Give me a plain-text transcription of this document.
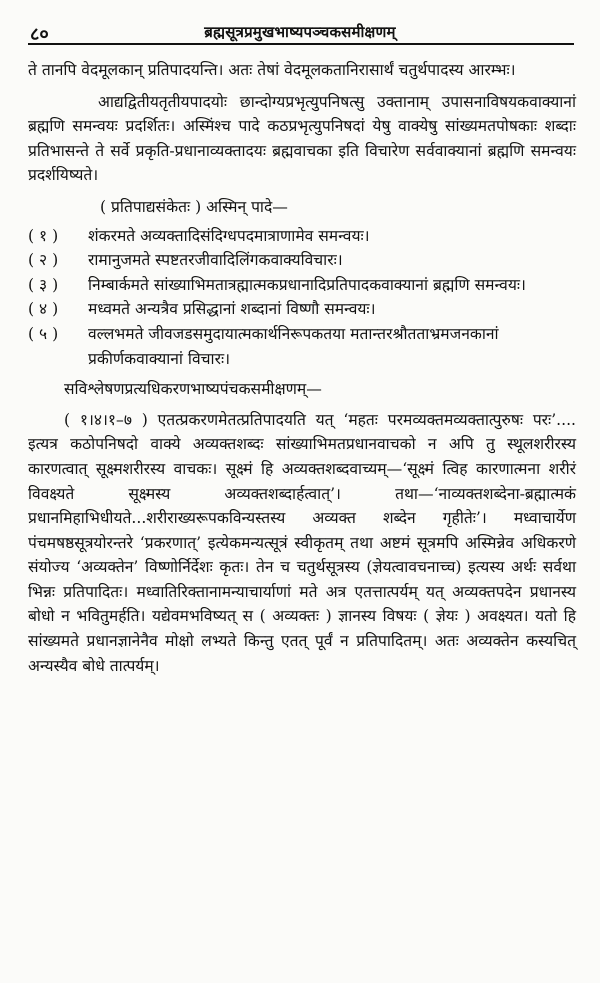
८०	ब्रह्मसूत्रप्रमुखभाष्यपञ्चकसमीक्षणम्

ते तानपि वेदमूलकान् प्रतिपादयन्ति। अतः तेषां वेदमूलकतानिरासार्थं चतुर्थपादस्य आरम्भः।

आद्यद्वितीयतृतीयपादयोः छान्दोग्यप्रभृत्युपनिषत्सु उक्तानाम् उपासनाविषयकवाक्यानां ब्रह्मणि समन्वयः प्रदर्शितः। अस्मिंश्च पादे कठप्रभृत्युपनिषदां येषु वाक्येषु सांख्यमतपोषकाः शब्दाः प्रतिभासन्ते ते सर्वे प्रकृति-प्रधानाव्यक्तादयः ब्रह्मवाचका इति विचारेण सर्ववाक्यानां ब्रह्मणि समन्वयः प्रदर्शयिष्यते।

( प्रतिपाद्यसंकेतः ) अस्मिन् पादे—

( १ )	शंकरमते अव्यक्तादिसंदिग्धपदमात्राणामेव समन्वयः।
( २ )	रामानुजमते स्पष्टतरजीवादिलिंगकवाक्यविचारः।
( ३ )	निम्बार्कमते सांख्याभिमतात्रह्मात्मकप्रधानादिप्रतिपादकवाक्यानां ब्रह्मणि समन्वयः।
( ४ )	मध्वमते अन्यत्रैव प्रसिद्धानां शब्दानां विष्णौ समन्वयः।
( ५ )	वल्लभमते जीवजडसमुदायात्मकार्थनिरूपकतया मतान्तरश्रौतताभ्रमजनकानां प्रकीर्णकवाक्यानां विचारः।

सविश्लेषणप्रत्यधिकरणभाष्यपंचकसमीक्षणम्—

( १।४।१–७ ) एतत्प्रकरणमेतत्प्रतिपादयति यत् ‘महतः परमव्यक्तमव्यक्तात्पुरुषः परः’.... इत्यत्र कठोपनिषदो वाक्ये अव्यक्तशब्दः सांख्याभिमतप्रधानवाचको न अपि तु स्थूलशरीरस्य कारणत्वात् सूक्ष्मशरीरस्य वाचकः। सूक्ष्मं हि अव्यक्तशब्दवाच्यम्—‘सूक्ष्मं त्विह कारणात्मना शरीरं विवक्ष्यते सूक्ष्मस्य अव्यक्तशब्दार्हत्वात्’। तथा—‘नाव्यक्तशब्देना-ब्रह्मात्मकं प्रधानमिहाभिधीयते...शरीराख्यरूपकविन्यस्तस्य अव्यक्त शब्देन गृहीतेः’। मध्वाचार्येण पंचमषष्ठसूत्रयोरन्तरे ‘प्रकरणात्’ इत्येकमन्यत्सूत्रं स्वीकृतम् तथा अष्टमं सूत्रमपि अस्मिन्नेव अधिकरणे संयोज्य ‘अव्यक्तेन’ विष्णोर्निर्देशः कृतः। तेन च चतुर्थसूत्रस्य (ज्ञेयत्वावचनाच्च) इत्यस्य अर्थः सर्वथा भिन्नः प्रतिपादितः। मध्वातिरिक्तानामन्याचार्याणां मते अत्र एतत्तात्पर्यम् यत् अव्यक्तपदेन प्रधानस्य बोधो न भवितुमर्हति। यद्येवमभविष्यत् स ( अव्यक्तः ) ज्ञानस्य विषयः ( ज्ञेयः ) अवक्ष्यत। यतो हि सांख्यमते प्रधानज्ञानेनैव मोक्षो लभ्यते किन्तु एतत् पूर्वं न प्रतिपादितम्। अतः अव्यक्तेन कस्यचित् अन्यस्यैव बोधे तात्पर्यम्।
